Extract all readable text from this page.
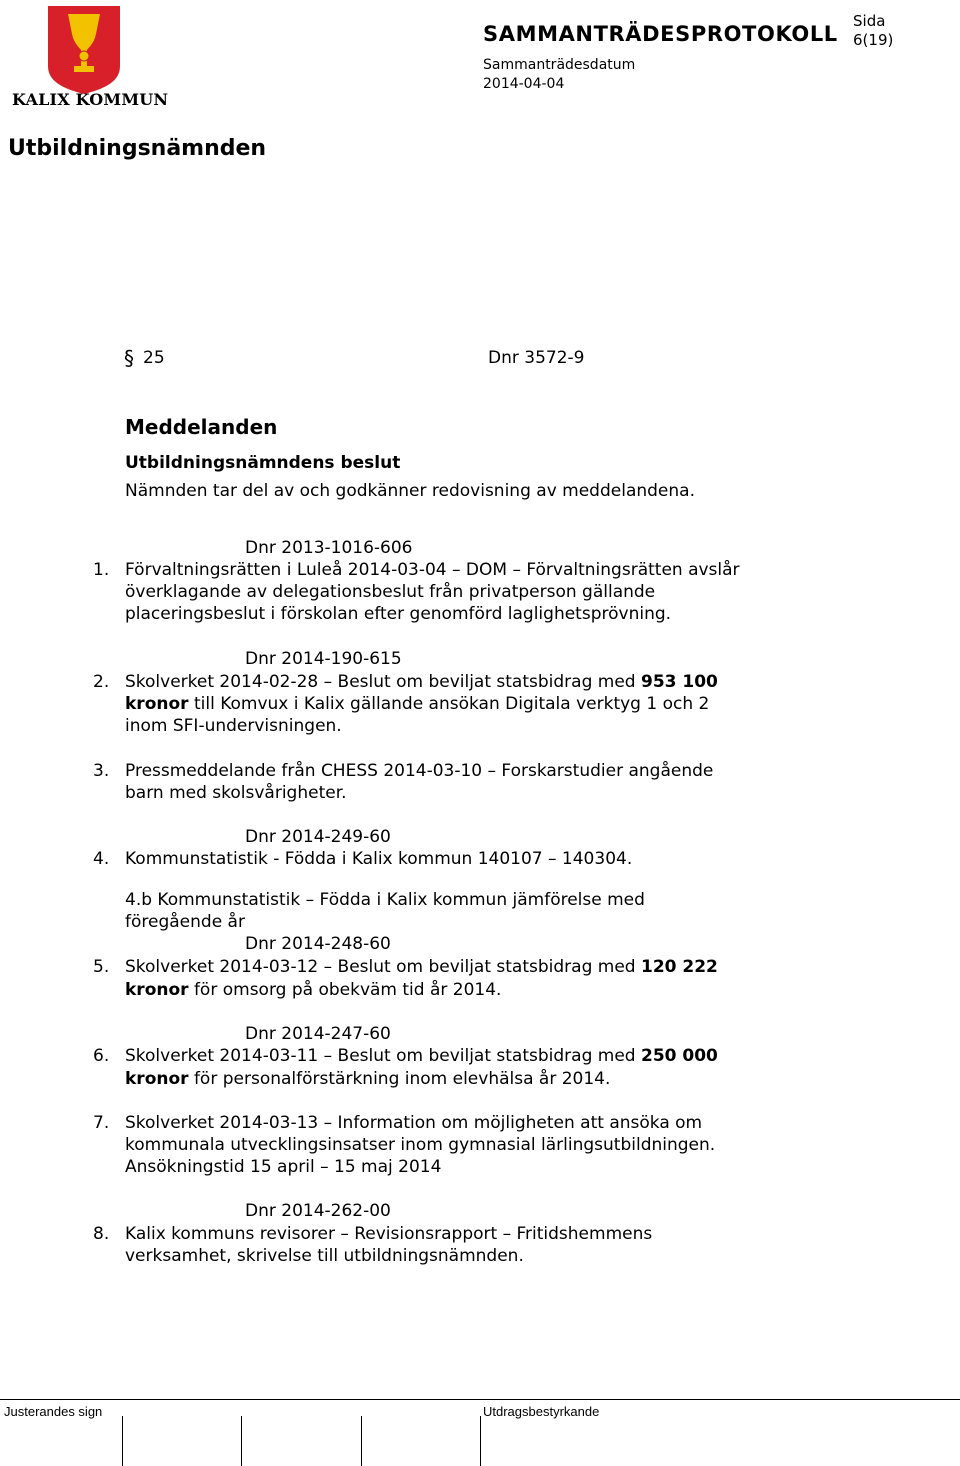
KALIX KOMMUN
SAMMANTRÄDESPROTOKOLL
Sida
6(19)
Sammanträdesdatum
2014-04-04
Utbildningsnämnden
§ 25	Dnr 3572-9
Meddelanden
Utbildningsnämndens beslut
Nämnden tar del av och godkänner redovisning av meddelandena.
Dnr 2013-1016-606
1. Förvaltningsrätten i Luleå 2014-03-04 – DOM – Förvaltningsrätten avslår
överklagande av delegationsbeslut från privatperson gällande
placeringsbeslut i förskolan efter genomförd laglighetsprövning.
Dnr 2014-190-615
2. Skolverket 2014-02-28 – Beslut om beviljat statsbidrag med 953 100
kronor till Komvux i Kalix gällande ansökan Digitala verktyg 1 och 2
inom SFI-undervisningen.
3. Pressmeddelande från CHESS 2014-03-10 – Forskarstudier angående
barn med skolsvårigheter.
Dnr 2014-249-60
4. Kommunstatistik - Födda i Kalix kommun 140107 – 140304.
4.b Kommunstatistik – Födda i Kalix kommun jämförelse med
föregående år
Dnr 2014-248-60
5. Skolverket 2014-03-12 – Beslut om beviljat statsbidrag med 120 222
kronor för omsorg på obekväm tid år 2014.
Dnr 2014-247-60
6. Skolverket 2014-03-11 – Beslut om beviljat statsbidrag med 250 000
kronor för personalförstärkning inom elevhälsa år 2014.
7. Skolverket 2014-03-13 – Information om möjligheten att ansöka om
kommunala utvecklingsinsatser inom gymnasial lärlingsutbildningen.
Ansökningstid 15 april – 15 maj 2014
Dnr 2014-262-00
8. Kalix kommuns revisorer – Revisionsrapport – Fritidshemmens
verksamhet, skrivelse till utbildningsnämnden.
Justerandes sign	Utdragsbestyrkande
